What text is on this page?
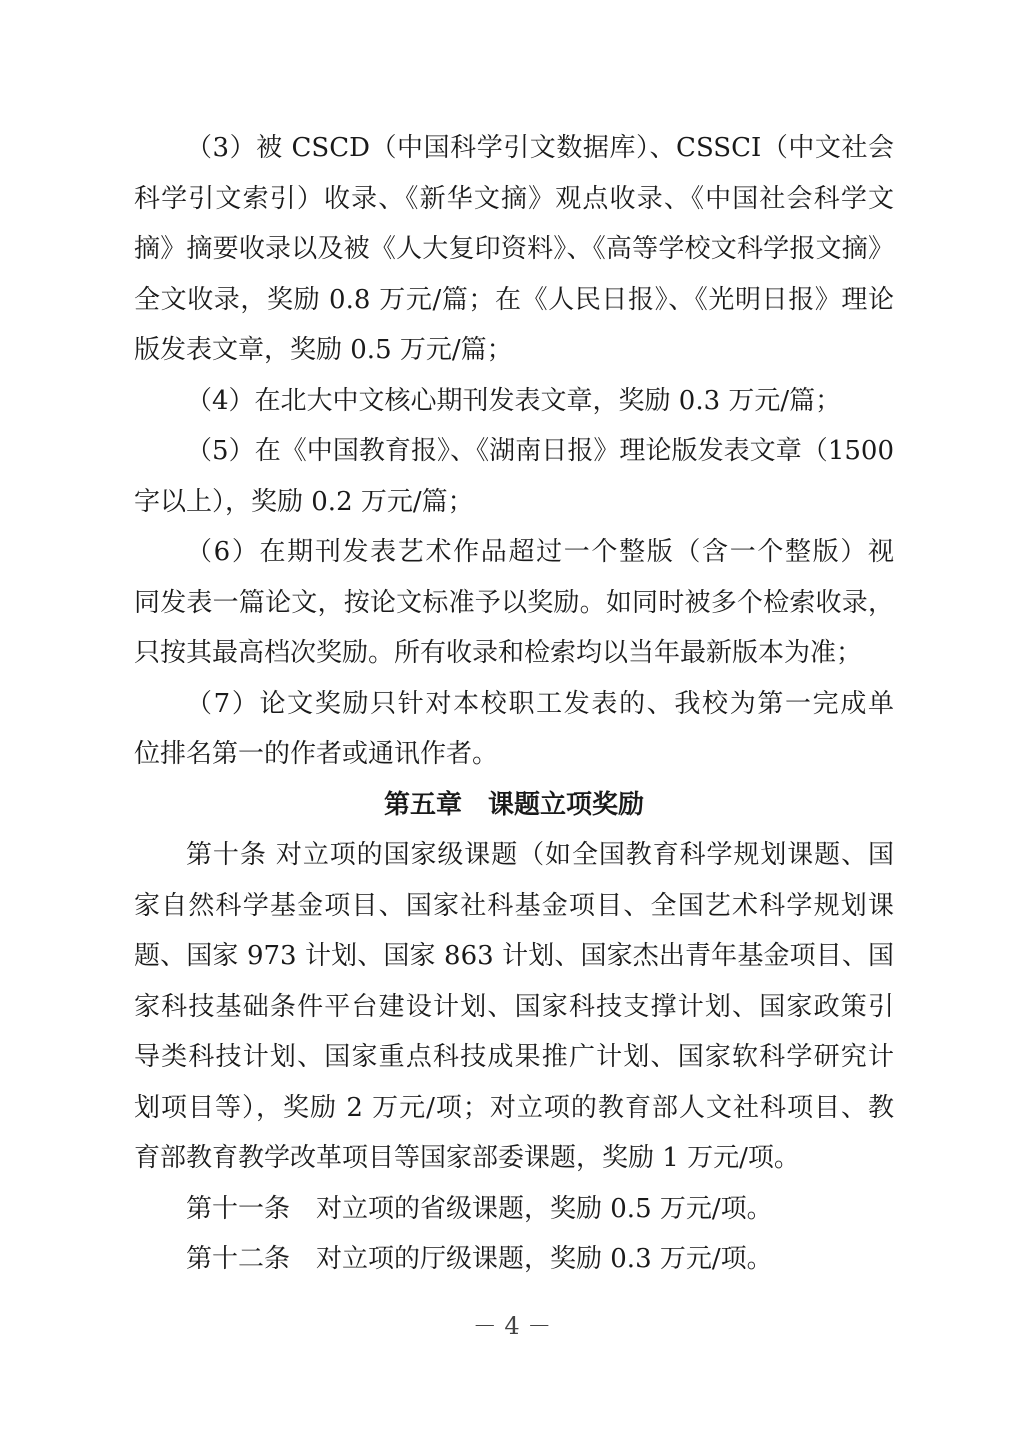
（3）被 CSCD（中国科学引文数据库）、CSSCI（中文社会
科学引文索引）收录、《新华文摘》观点收录、《中国社会科学文
摘》摘要收录以及被《人大复印资料》、《高等学校文科学报文摘》
全文收录，奖励 0.8 万元/篇；在《人民日报》、《光明日报》理论
版发表文章，奖励 0.5 万元/篇；
（4）在北大中文核心期刊发表文章，奖励 0.3 万元/篇；
（5）在《中国教育报》、《湖南日报》理论版发表文章（1500
字以上），奖励 0.2 万元/篇；
（6）在期刊发表艺术作品超过一个整版（含一个整版）视
同发表一篇论文，按论文标准予以奖励。如同时被多个检索收录，
只按其最高档次奖励。所有收录和检索均以当年最新版本为准；
（7）论文奖励只针对本校职工发表的、我校为第一完成单
位排名第一的作者或通讯作者。
第五章　课题立项奖励
第十条 对立项的国家级课题（如全国教育科学规划课题、国
家自然科学基金项目、国家社科基金项目、全国艺术科学规划课
题、国家 973 计划、国家 863 计划、国家杰出青年基金项目、国
家科技基础条件平台建设计划、国家科技支撑计划、国家政策引
导类科技计划、国家重点科技成果推广计划、国家软科学研究计
划项目等），奖励 2 万元/项；对立项的教育部人文社科项目、教
育部教育教学改革项目等国家部委课题，奖励 1 万元/项。
第十一条　对立项的省级课题，奖励 0.5 万元/项。
第十二条　对立项的厅级课题，奖励 0.3 万元/项。
－ 4 －
